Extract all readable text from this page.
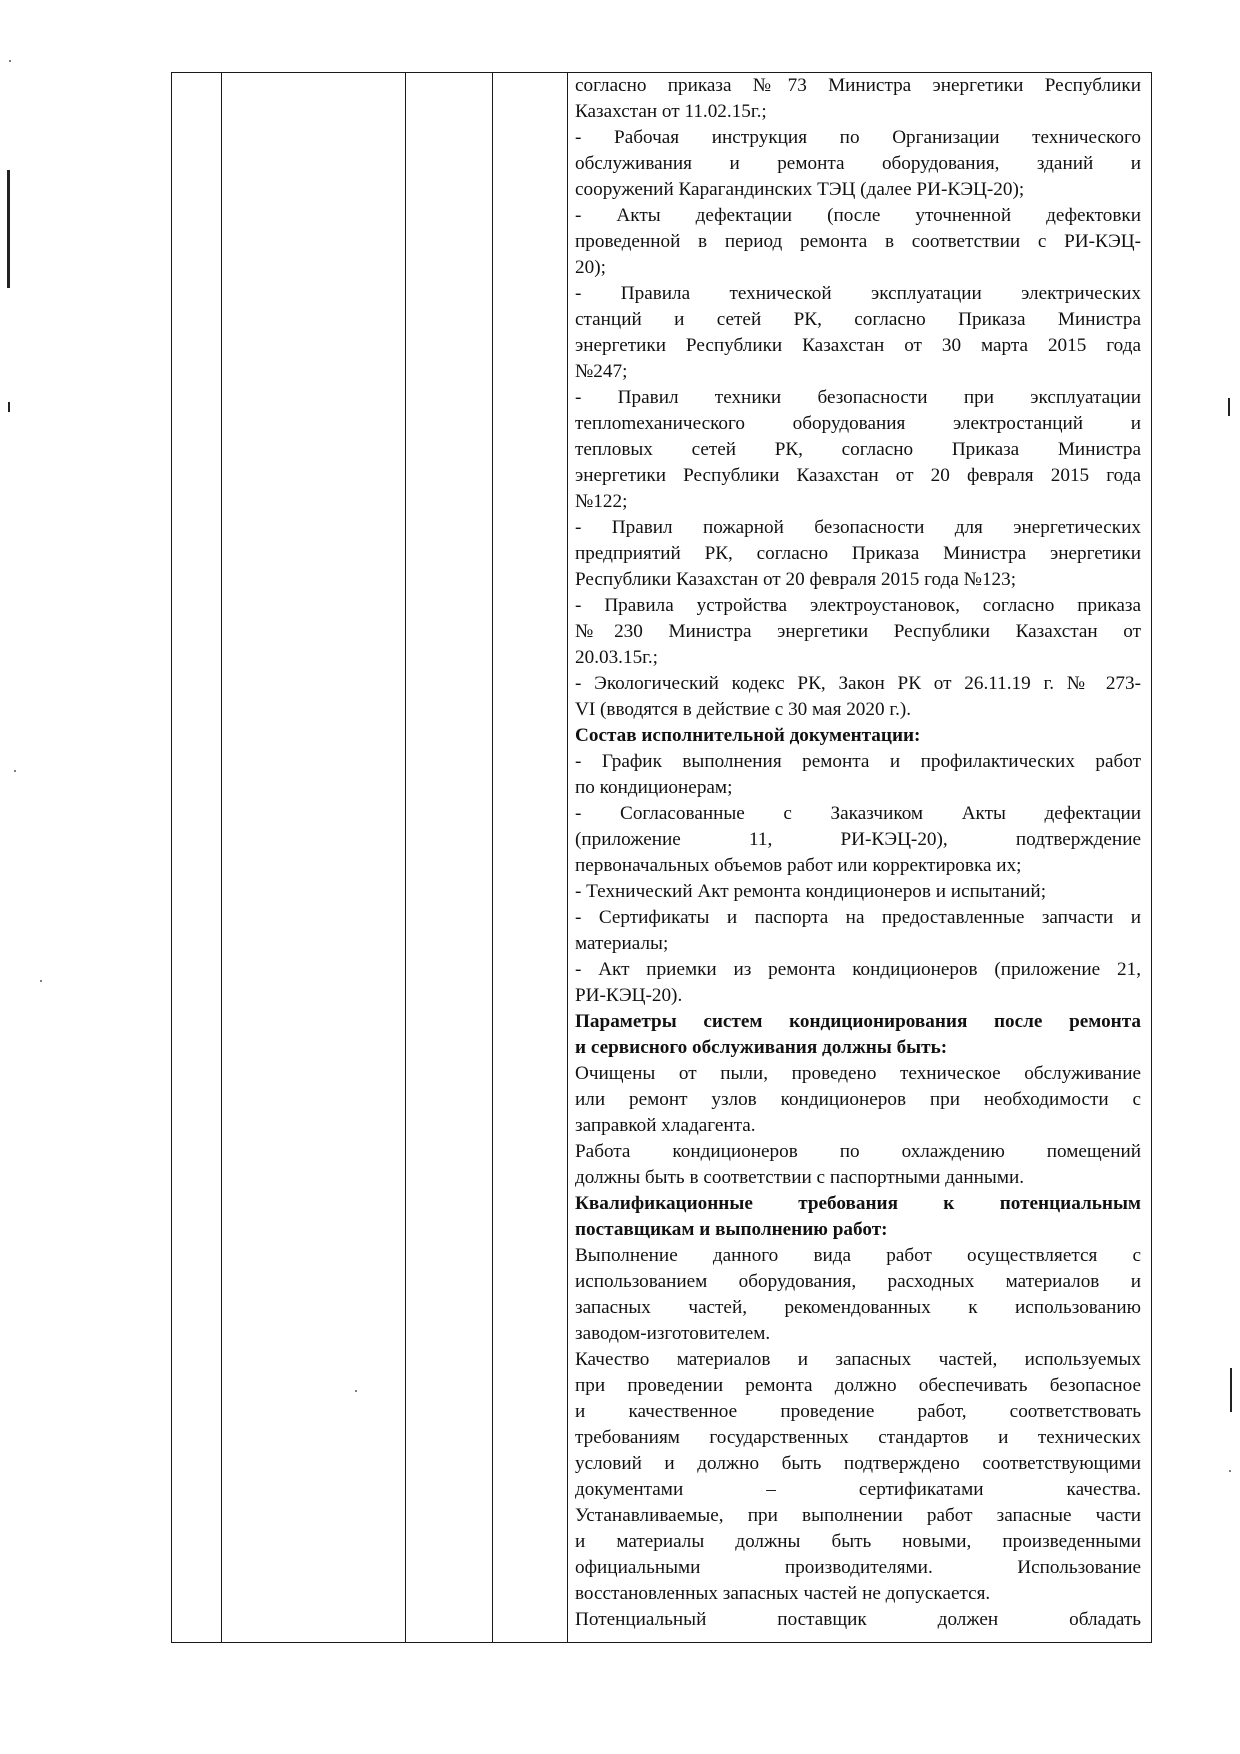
согласно приказа №73 Министра энергетики Республики
Казахстан от 11.02.15г.;
- Рабочая инструкция по Организации технического
обслуживания и ремонта оборудования, зданий и
сооружений Карагандинских ТЭЦ (далее РИ-КЭЦ-20);
- Акты дефектации (после уточненной дефектовки
проведенной в период ремонта в соответствии с РИ-КЭЦ-
20);
- Правила технической эксплуатации электрических
станций и сетей РК, согласно Приказа Министра
энергетики Республики Казахстан от 30 марта 2015 года
№247;
- Правил техники безопасности при эксплуатации
теплomеханического оборудования электростанций и
тепловых сетей РК, согласно Приказа Министра
энергетики Республики Казахстан от 20 февраля 2015 года
№122;
- Правил пожарной безопасности для энергетических
предприятий РК, согласно Приказа Министра энергетики
Республики Казахстан от 20 февраля 2015 года №123;
- Правила устройства электроустановок, согласно приказа
№230 Министра энергетики Республики Казахстан от
20.03.15г.;
- Экологический кодекс РК, Закон РК от 26.11.19 г. № 273-
VI (вводятся в действие с 30 мая 2020 г.).
Состав исполнительной документации:
- График выполнения ремонта и профилактических работ
по кондиционерам;
- Согласованные с Заказчиком Акты дефектации
(приложение 11, РИ-КЭЦ-20), подтверждение
первоначальных объемов работ или корректировка их;
- Технический Акт ремонта кондиционеров и испытаний;
- Сертификаты и паспорта на предоставленные запчасти и
материалы;
- Акт приемки из ремонта кондиционеров (приложение 21,
РИ-КЭЦ-20).
Параметры систем кондиционирования после ремонта
и сервисного обслуживания должны быть:
Очищены от пыли, проведено техническое обслуживание
или ремонт узлов кондиционеров при необходимости с
заправкой хладагента.
Работа кондиционеров по охлаждению помещений
должны быть в соответствии с паспортными данными.
Квалификационные требования к потенциальным
поставщикам и выполнению работ:
Выполнение данного вида работ осуществляется с
использованием оборудования, расходных материалов и
запасных частей, рекомендованных к использованию
заводом-изготовителем.
Качество материалов и запасных частей, используемых
при проведении ремонта должно обеспечивать безопасное
и качественное проведение работ, соответствовать
требованиям государственных стандартов и технических
условий и должно быть подтверждено соответствующими
документами – сертификатами качества.
Устанавливаемые, при выполнении работ запасные части
и материалы должны быть новыми, произведенными
официальными производителями. Использование
восстановленных запасных частей не допускается.
Потенциальный поставщик должен обладать
